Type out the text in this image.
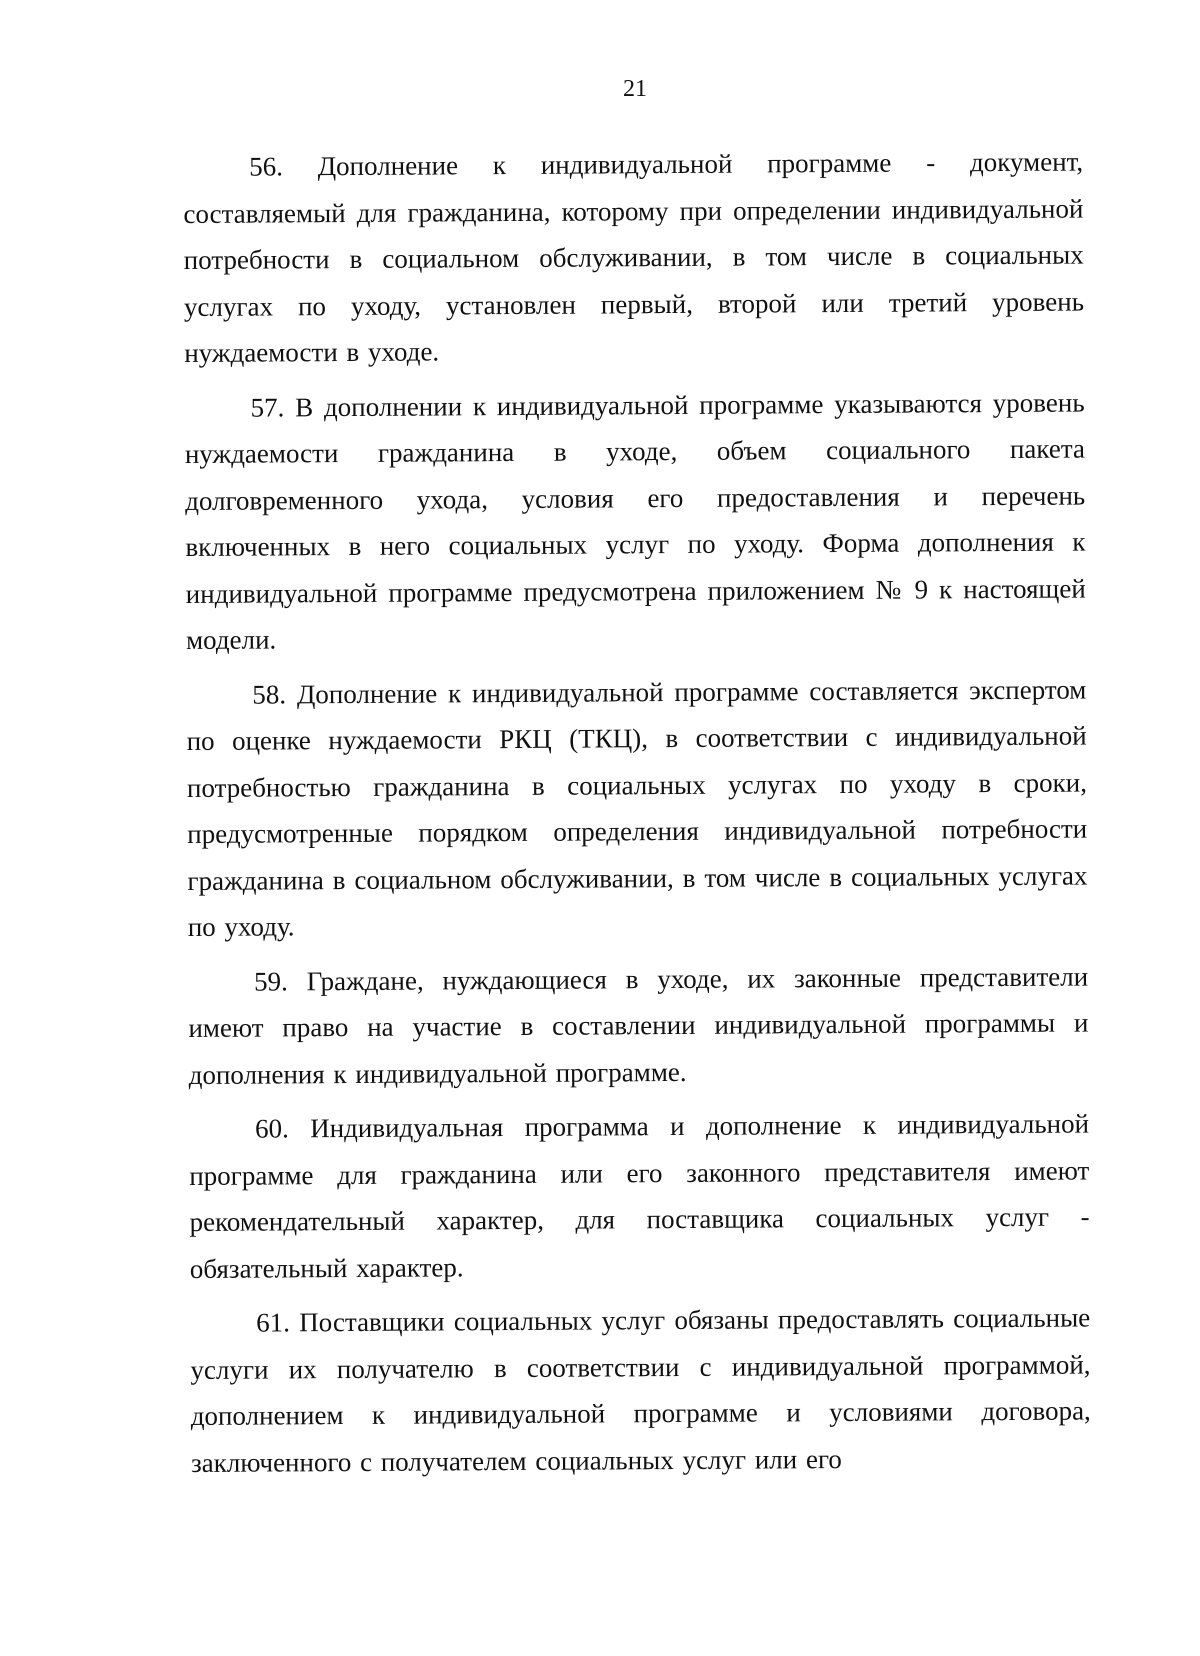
21

56. Дополнение к индивидуальной программе - документ, составляемый для гражданина, которому при определении индивидуальной потребности в социальном обслуживании, в том числе в социальных услугах по уходу, установлен первый, второй или третий уровень нуждаемости в уходе.

57. В дополнении к индивидуальной программе указываются уровень нуждаемости гражданина в уходе, объем социального пакета долговременного ухода, условия его предоставления и перечень включенных в него социальных услуг по уходу. Форма дополнения к индивидуальной программе предусмотрена приложением № 9 к настоящей модели.

58. Дополнение к индивидуальной программе составляется экспертом по оценке нуждаемости РКЦ (ТКЦ), в соответствии с индивидуальной потребностью гражданина в социальных услугах по уходу в сроки, предусмотренные порядком определения индивидуальной потребности гражданина в социальном обслуживании, в том числе в социальных услугах по уходу.

59. Граждане, нуждающиеся в уходе, их законные представители имеют право на участие в составлении индивидуальной программы и дополнения к индивидуальной программе.

60. Индивидуальная программа и дополнение к индивидуальной программе для гражданина или его законного представителя имеют рекомендательный характер, для поставщика социальных услуг - обязательный характер.

61. Поставщики социальных услуг обязаны предоставлять социальные услуги их получателю в соответствии с индивидуальной программой, дополнением к индивидуальной программе и условиями договора, заключенного с получателем социальных услуг или его
